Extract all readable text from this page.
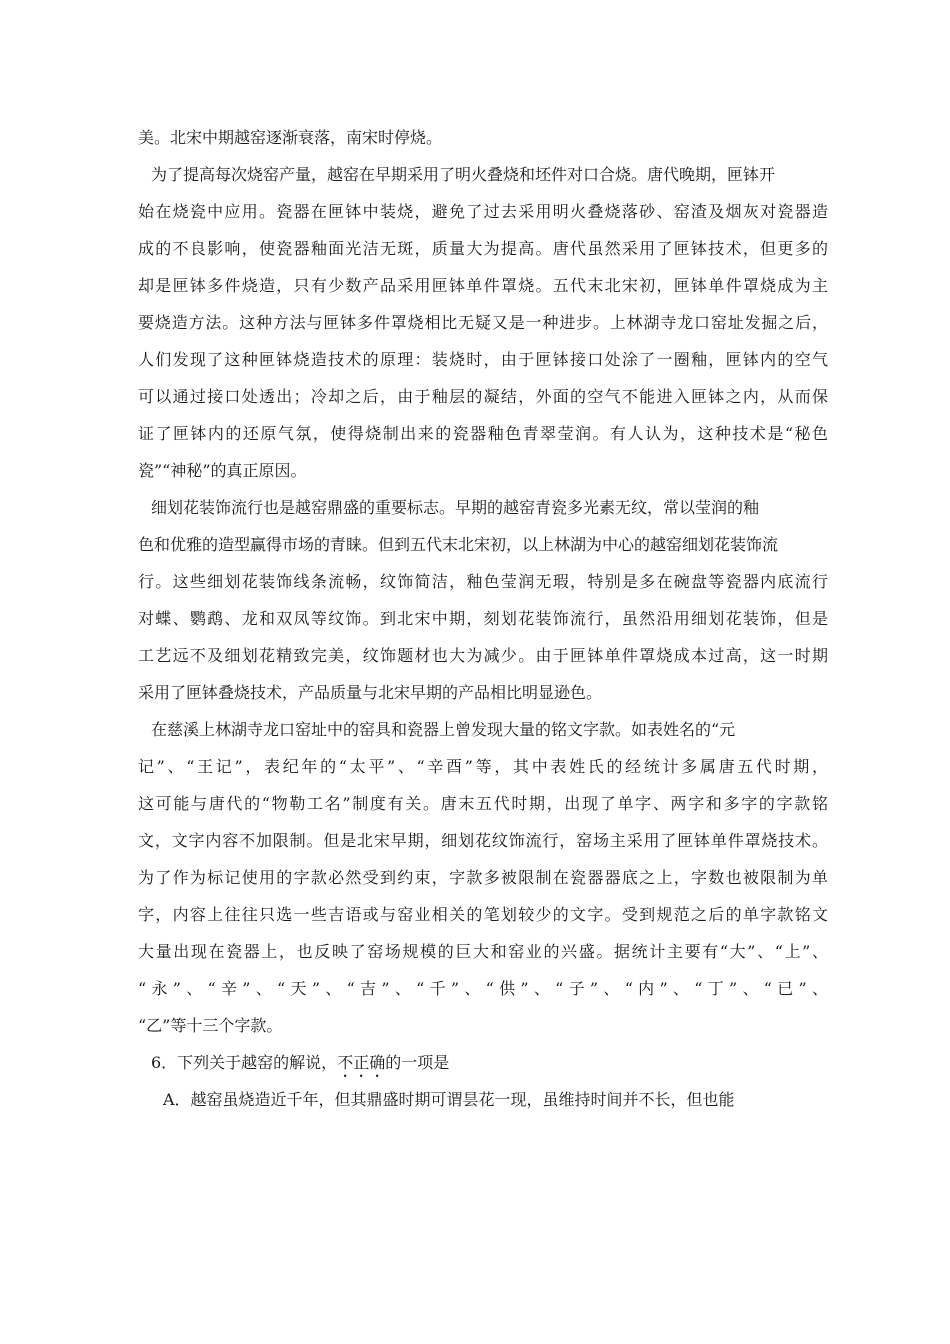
美。北宋中期越窑逐渐衰落，南宋时停烧。
为了提高每次烧窑产量，越窑在早期采用了明火叠烧和坯件对口合烧。唐代晚期，匣钵开
始在烧瓷中应用。瓷器在匣钵中装烧，避免了过去采用明火叠烧落砂、窑渣及烟灰对瓷器造
成的不良影响，使瓷器釉面光洁无斑，质量大为提高。唐代虽然采用了匣钵技术，但更多的
却是匣钵多件烧造，只有少数产品采用匣钵单件罩烧。五代末北宋初，匣钵单件罩烧成为主
要烧造方法。这种方法与匣钵多件罩烧相比无疑又是一种进步。上林湖寺龙口窑址发掘之后，
人们发现了这种匣钵烧造技术的原理：装烧时，由于匣钵接口处涂了一圈釉，匣钵内的空气
可以通过接口处透出；冷却之后，由于釉层的凝结，外面的空气不能进入匣钵之内，从而保
证了匣钵内的还原气氛，使得烧制出来的瓷器釉色青翠莹润。有人认为，这种技术是“秘色
瓷”“神秘”的真正原因。
细划花装饰流行也是越窑鼎盛的重要标志。早期的越窑青瓷多光素无纹，常以莹润的釉
色和优雅的造型赢得市场的青睐。但到五代末北宋初，以上林湖为中心的越窑细划花装饰流
行。这些细划花装饰线条流畅，纹饰简洁，釉色莹润无瑕，特别是多在碗盘等瓷器内底流行
对蝶、鹦鹉、龙和双凤等纹饰。到北宋中期，刻划花装饰流行，虽然沿用细划花装饰，但是
工艺远不及细划花精致完美，纹饰题材也大为减少。由于匣钵单件罩烧成本过高，这一时期
采用了匣钵叠烧技术，产品质量与北宋早期的产品相比明显逊色。
在慈溪上林湖寺龙口窑址中的窑具和瓷器上曾发现大量的铭文字款。如表姓名的“元
记”、“王记”，表纪年的“太平”、“辛酉”等，其中表姓氏的经统计多属唐五代时期，
这可能与唐代的“物勒工名”制度有关。唐末五代时期，出现了单字、两字和多字的字款铭
文，文字内容不加限制。但是北宋早期，细划花纹饰流行，窑场主采用了匣钵单件罩烧技术。
为了作为标记使用的字款必然受到约束，字款多被限制在瓷器器底之上，字数也被限制为单
字，内容上往往只选一些吉语或与窑业相关的笔划较少的文字。受到规范之后的单字款铭文
大量出现在瓷器上，也反映了窑场规模的巨大和窑业的兴盛。据统计主要有“大”、“上”、
“永”、“辛”、“天”、“吉”、“千”、“供”、“子”、“内”、“丁”、“已”、
“乙”等十三个字款。
6．下列关于越窑的解说，不正确的一项是
A．越窑虽烧造近千年，但其鼎盛时期可谓昙花一现，虽维持时间并不长，但也能
